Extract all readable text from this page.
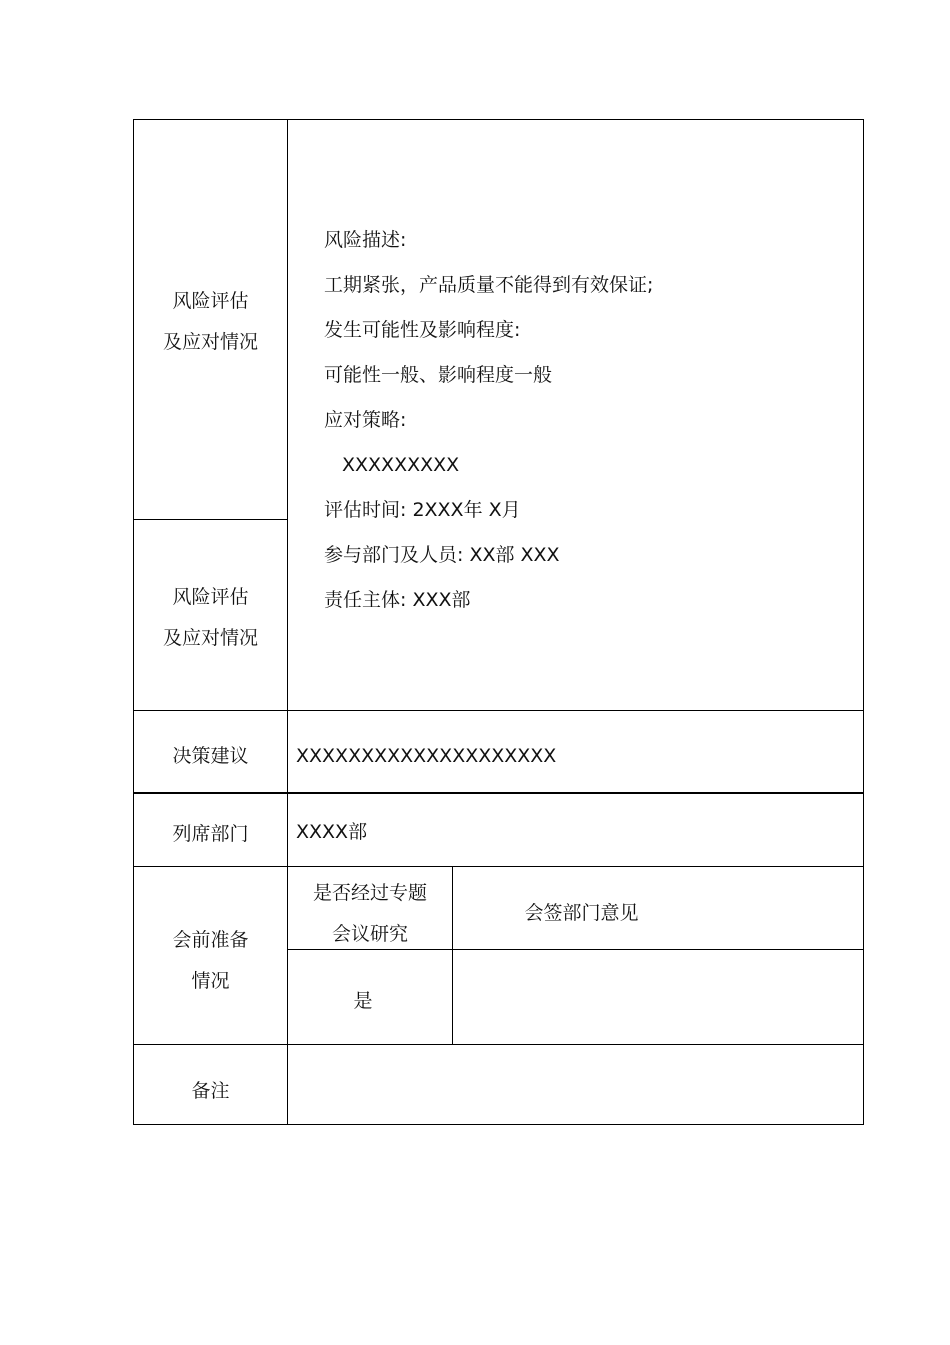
风险评估
及应对情况
风险评估
及应对情况
风险描述:
工期紧张，产品质量不能得到有效保证;
发生可能性及影响程度:
可能性一般、影响程度一般
应对策略:
XXXXXXXXX
评估时间: 2XXX年 X月
参与部门及人员: XX部 XXX
责任主体: XXX部
决策建议	XXXXXXXXXXXXXXXXXXXX
列席部门	XXXX部
会前准备
情况
是否经过专题
会议研究
会签部门意见
是
备注
